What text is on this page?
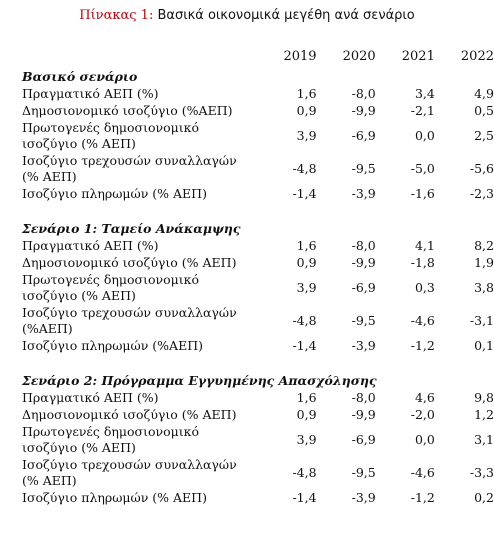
Πίνακας 1: Βασικά οικονομικά μεγέθη ανά σενάριο
	2019	2020	2021	2022
Βασικό σενάριο				
Πραγματικό ΑΕΠ (%)	1,6	-8,0	3,4	4,9
Δημοσιονομικό ισοζύγιο (%ΑΕΠ)	0,9	-9,9	-2,1	0,5

Πρωτογενές δημοσιονομικό
ισοζύγιο (% ΑΕΠ)	3,9	-6,9	0,0	2,5

Ισοζύγιο τρεχουσών συναλλαγών
(% ΑΕΠ)	-4,8	-9,5	-5,0	-5,6
Ισοζύγιο πληρωμών (% ΑΕΠ)	-1,4	-3,9	-1,6	-2,3

Σενάριο 1: Ταμείο Ανάκαμψης				
Πραγματικό ΑΕΠ (%)	1,6	-8,0	4,1	8,2
Δημοσιονομικό ισοζύγιο (% ΑΕΠ)	0,9	-9,9	-1,8	1,9

Πρωτογενές δημοσιονομικό
ισοζύγιο (% ΑΕΠ)	3,9	-6,9	0,3	3,8

Ισοζύγιο τρεχουσών συναλλαγών
(%ΑΕΠ)	-4,8	-9,5	-4,6	-3,1
Ισοζύγιο πληρωμών (%ΑΕΠ)	-1,4	-3,9	-1,2	0,1

Σενάριο 2: Πρόγραμμα Εγγυημένης Απασχόλησης				
Πραγματικό ΑΕΠ (%)	1,6	-8,0	4,6	9,8
Δημοσιονομικό ισοζύγιο (% ΑΕΠ)	0,9	-9,9	-2,0	1,2

Πρωτογενές δημοσιονομικό
ισοζύγιο (% ΑΕΠ)	3,9	-6,9	0,0	3,1

Ισοζύγιο τρεχουσών συναλλαγών
(% ΑΕΠ)	-4,8	-9,5	-4,6	-3,3
Ισοζύγιο πληρωμών (% ΑΕΠ)	-1,4	-3,9	-1,2	0,2
